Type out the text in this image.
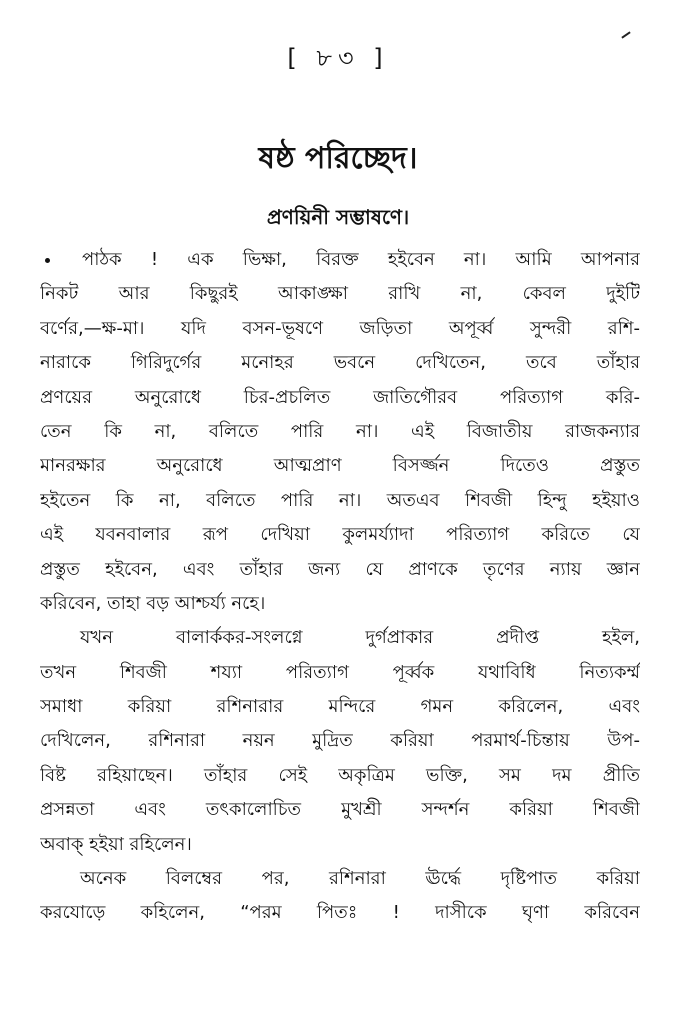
[ ৮৩ ]
ষষ্ঠ পরিচ্ছেদ।
প্রণয়িনী সম্ভাষণে।
পাঠক ! এক ভিক্ষা, বিরক্ত হইবেন না। আমি আপনার
নিকট আর কিছুরই আকাঙ্ক্ষা রাখি না, কেবল দুইটি
বর্ণের,—ক্ষ-মা। যদি বসন-ভূষণে জড়িতা অপূর্ব্ব সুন্দরী রশি-
নারাকে গিরিদুর্গের মনোহর ভবনে দেখিতেন, তবে তাঁহার
প্রণয়ের অনুরোধে চির-প্রচলিত জাতিগৌরব পরিত্যাগ করি-
তেন কি না, বলিতে পারি না। এই বিজাতীয় রাজকন্যার
মানরক্ষার অনুরোধে আত্মপ্রাণ বিসর্জ্জন দিতেও প্রস্তুত
হইতেন কি না, বলিতে পারি না। অতএব শিবজী হিন্দু হইয়াও
এই যবনবালার রূপ দেখিয়া কুলমর্য্যাদা পরিত্যাগ করিতে যে
প্রস্তুত হইবেন, এবং তাঁহার জন্য যে প্রাণকে তৃণের ন্যায় জ্ঞান
করিবেন, তাহা বড় আশ্চর্য্য নহে।
যখন বালার্ককর-সংলগ্নে দুর্গপ্রাকার প্রদীপ্ত হইল,
তখন শিবজী শয্যা পরিত্যাগ পূর্ব্বক যথাবিধি নিত্যকর্ম্ম
সমাধা করিয়া রশিনারার মন্দিরে গমন করিলেন, এবং
দেখিলেন, রশিনারা নয়ন মুদ্রিত করিয়া পরমার্থ-চিন্তায় উপ-
বিষ্ট রহিয়াছেন। তাঁহার সেই অকৃত্রিম ভক্তি, সম দম প্রীতি
প্রসন্নতা এবং তৎকালোচিত মুখশ্রী সন্দর্শন করিয়া শিবজী
অবাক্ হইয়া রহিলেন।
অনেক বিলম্বের পর, রশিনারা ঊর্দ্ধে দৃষ্টিপাত করিয়া
করযোড়ে কহিলেন, “পরম পিতঃ ! দাসীকে ঘৃণা করিবেন
